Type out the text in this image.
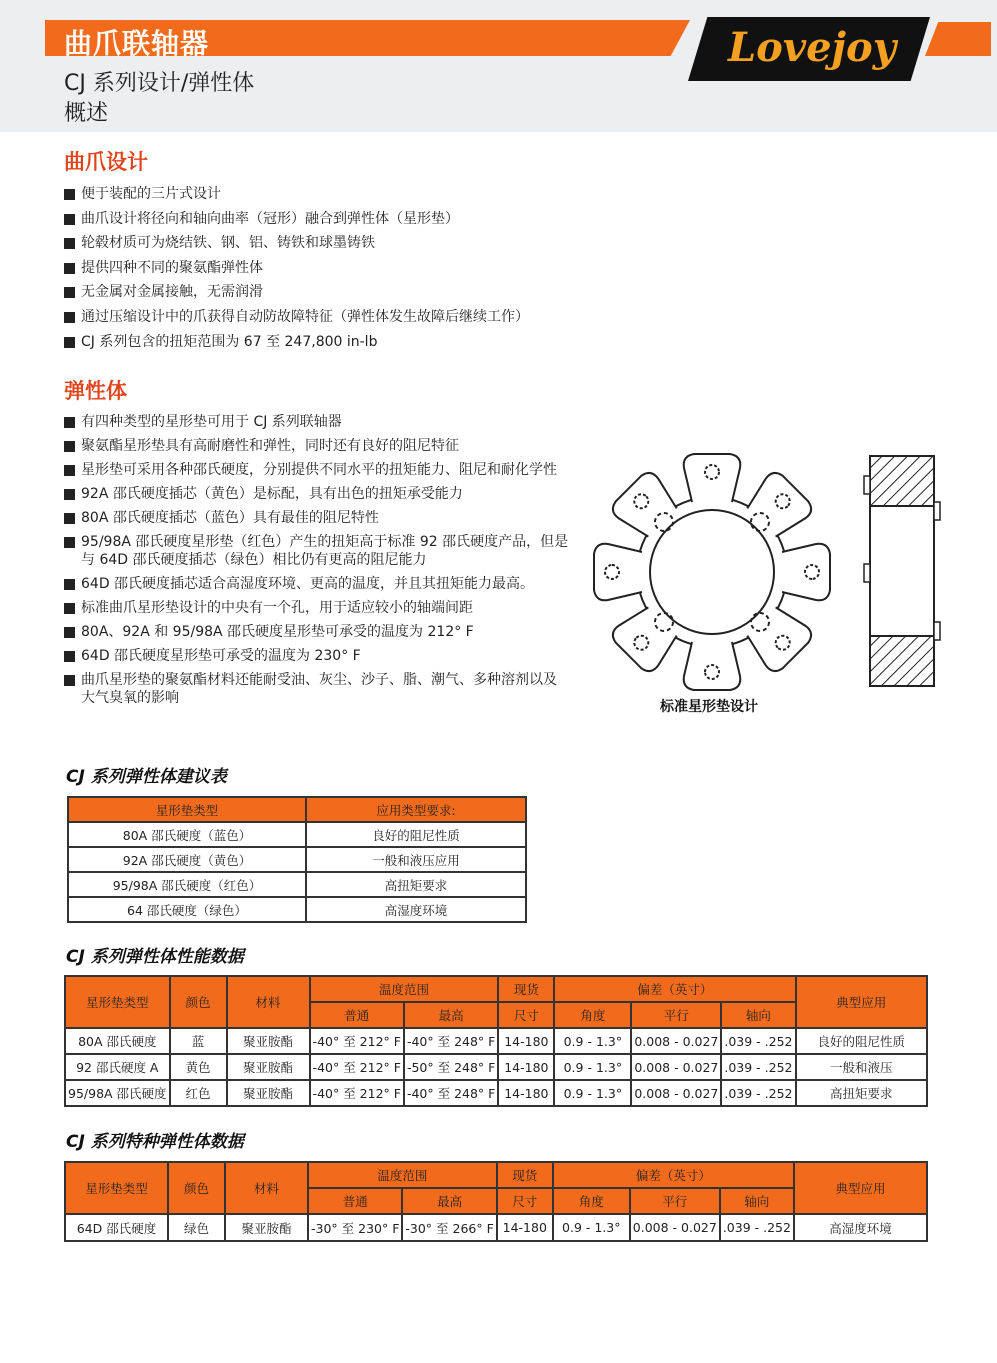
曲爪联轴器	Lovejoy
CJ 系列设计/弹性体
概述
曲爪设计
便于装配的三片式设计
曲爪设计将径向和轴向曲率（冠形）融合到弹性体（星形垫）
轮毂材质可为烧结铁、钢、铝、铸铁和球墨铸铁
提供四种不同的聚氨酯弹性体
无金属对金属接触，无需润滑
通过压缩设计中的爪获得自动防故障特征（弹性体发生故障后继续工作）
CJ 系列包含的扭矩范围为 67 至 247,800 in-lb
弹性体
有四种类型的星形垫可用于 CJ 系列联轴器
聚氨酯星形垫具有高耐磨性和弹性，同时还有良好的阻尼特征
星形垫可采用各种邵氏硬度，分别提供不同水平的扭矩能力、阻尼和耐化学性
92A 邵氏硬度插芯（黄色）是标配，具有出色的扭矩承受能力
80A 邵氏硬度插芯（蓝色）具有最佳的阻尼特性
95/98A 邵氏硬度星形垫（红色）产生的扭矩高于标准 92 邵氏硬度产品，但是与 64D 邵氏硬度插芯（绿色）相比仍有更高的阻尼能力
64D 邵氏硬度插芯适合高湿度环境、更高的温度，并且其扭矩能力最高。
标准曲爪星形垫设计的中央有一个孔，用于适应较小的轴端间距
80A、92A 和 95/98A 邵氏硬度星形垫可承受的温度为 212° F
64D 邵氏硬度星形垫可承受的温度为 230° F
曲爪星形垫的聚氨酯材料还能耐受油、灰尘、沙子、脂、潮气、多种溶剂以及大气臭氧的影响
标准星形垫设计
CJ 系列弹性体建议表
星形垫类型	应用类型要求:
80A 邵氏硬度（蓝色）	良好的阻尼性质
92A 邵氏硬度（黄色）	一般和液压应用
95/98A 邵氏硬度（红色）	高扭矩要求
64 邵氏硬度（绿色）	高湿度环境
CJ 系列弹性体性能数据
星形垫类型	颜色	材料	温度范围		现货	偏差（英寸）			典型应用
			普通	最高	尺寸	角度	平行	轴向	
80A 邵氏硬度	蓝	聚亚胺酯	-40° 至 212° F	-40° 至 248° F	14-180	0.9 - 1.3°	0.008 - 0.027	.039 - .252	良好的阻尼性质
92 邵氏硬度 A	黄色	聚亚胺酯	-40° 至 212° F	-50° 至 248° F	14-180	0.9 - 1.3°	0.008 - 0.027	.039 - .252	一般和液压
95/98A 邵氏硬度	红色	聚亚胺酯	-40° 至 212° F	-40° 至 248° F	14-180	0.9 - 1.3°	0.008 - 0.027	.039 - .252	高扭矩要求
CJ 系列特种弹性体数据
星形垫类型	颜色	材料	温度范围		现货	偏差（英寸）			典型应用
			普通	最高	尺寸	角度	平行	轴向	
64D 邵氏硬度	绿色	聚亚胺酯	-30° 至 230° F	-30° 至 266° F	14-180	0.9 - 1.3°	0.008 - 0.027	.039 - .252	高湿度环境
